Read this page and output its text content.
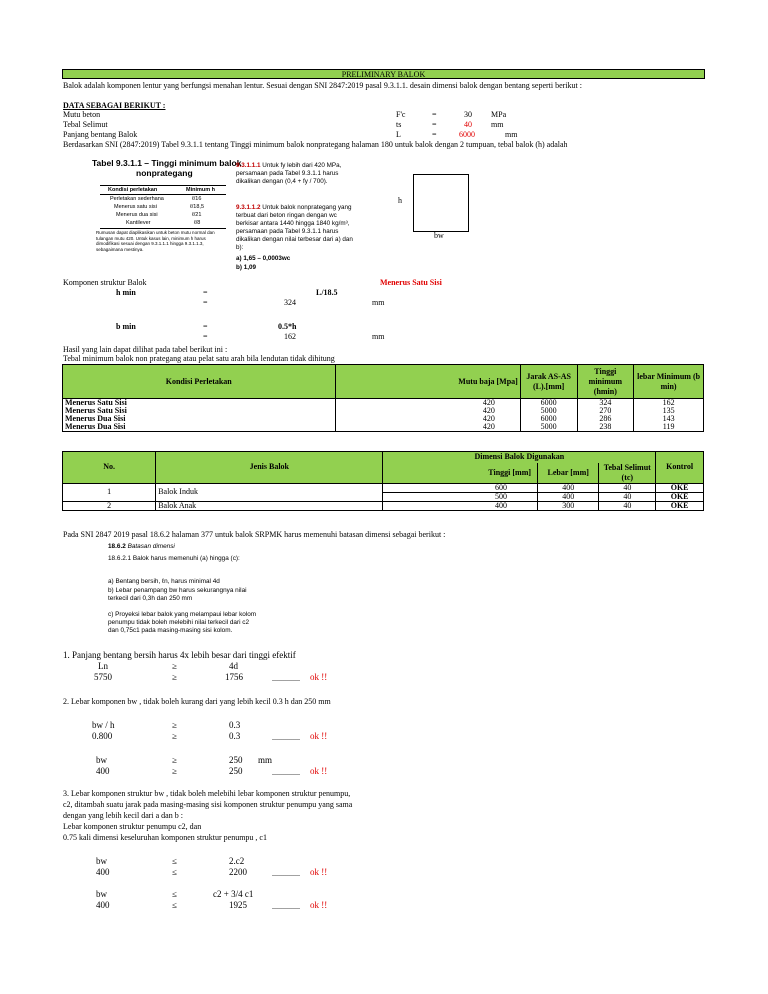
PRELIMINARY BALOK
Balok adalah komponen lentur yang berfungsi menahan lentur. Sesuai dengan SNI 2847:2019 pasal 9.3.1.1. desain dimensi balok dengan bentang seperti berikut :
DATA SEBAGAI BERIKUT :
Mutu beton	F'c	=	30 MPa
Tebal Selimut	ts	=	40 mm
Panjang bentang Balok	L	=	6000	mm
Berdasarkan SNI (2847:2019) Tabel 9.3.1.1 tentang Tinggi minimum balok nonprategang halaman 180 untuk balok dengan 2 tumpuan, tebal balok (h) adalah
Tabel 9.3.1.1 – Tinggi minimum balok
nonprategang
Kondisi perletakan	Minimum h
Perletakan sederhana	ℓ/16
Menerus satu sisi	ℓ/18,5
Menerus dua sisi	ℓ/21
Kantilever	ℓ/8
Rumusan dapat diaplikasikan untuk beton mutu normal dan tulangan mutu 420. Untuk kasus lain, minimum h harus dimodifikasi sesuai dengan 9.3.1.1.1 hingga 9.3.1.1.3, sebagaimana mestinya.
9.3.1.1.1 Untuk fy lebih dari 420 MPa, persamaan pada Tabel 9.3.1.1 harus dikalikan dengan (0,4 + fy / 700).
9.3.1.1.2 Untuk balok nonprategang yang terbuat dari beton ringan dengan wc berkisar antara 1440 hingga 1840 kg/m³, persamaan pada Tabel 9.3.1.1 harus dikalikan dengan nilai terbesar dari a) dan b):
a) 1,65 – 0,0003wc
b) 1,09
h
bw
Komponen struktur Balok	Menerus Satu Sisi
h min	=	L/18.5
=	324	mm
b min	=	0.5*h
=	162	mm
Hasil yang lain dapat dilihat pada tabel berikut ini :
Tebal minimum balok non prategang atau pelat satu arah bila lendutan tidak dihitung
Kondisi Perletakan	Mutu baja [Mpa]	Jarak AS-AS (L).[mm]	Tinggi minimum (hmin)	lebar Minimum (b min)
Menerus Satu Sisi	420	6000	324	162
Menerus Satu Sisi	420	5000	270	135
Menerus Dua Sisi	420	6000	286	143
Menerus Dua Sisi	420	5000	238	119
No.	Jenis Balok	Dimensi Balok Digunakan			Kontrol
		Tinggi [mm]	Lebar [mm]	Tebal Selimut (tc)	
1	Balok Induk	600	400	40	OKE
		500	400	40	OKE
2	Balok Anak	400	300	40	OKE
Pada SNI 2847 2019 pasal 18.6.2 halaman 377 untuk balok SRPMK harus memenuhi batasan dimensi sebagai berikut :
18.6.2 Batasan dimensi
18.6.2.1 Balok harus memenuhi (a) hingga (c):
a) Bentang bersih, ℓn, harus minimal 4d
b) Lebar penampang bw harus sekurangnya nilai terkecil dari 0,3h dan 250 mm
c) Proyeksi lebar balok yang melampaui lebar kolom penumpu tidak boleh melebihi nilai terkecil dari c2 dan 0,75c1 pada masing-masing sisi kolom.
1. Panjang bentang bersih harus 4x lebih besar dari tinggi efektif
Ln	≥	4d
5750	≥	1756	.............. ok !!
2. Lebar komponen bw , tidak boleh kurang dari yang lebih kecil 0.3 h dan 250 mm
bw / h	≥	0.3
0.800	≥	0.3	.............. ok !!
bw	≥	250 mm
400	≥	250	.............. ok !!
3. Lebar komponen struktur bw , tidak boleh melebihi lebar komponen struktur penumpu,
c2, ditambah suatu jarak pada masing-masing sisi komponen struktur penumpu yang sama
dengan yang lebih kecil dari a dan b :
Lebar komponen struktur penumpu c2, dan
0.75 kali dimensi keseluruhan komponen struktur penumpu , c1
bw	≤	2.c2
400	≤	2200	.............. ok !!
bw	≤	c2 + 3/4 c1
400	≤	1925	.............. ok !!
